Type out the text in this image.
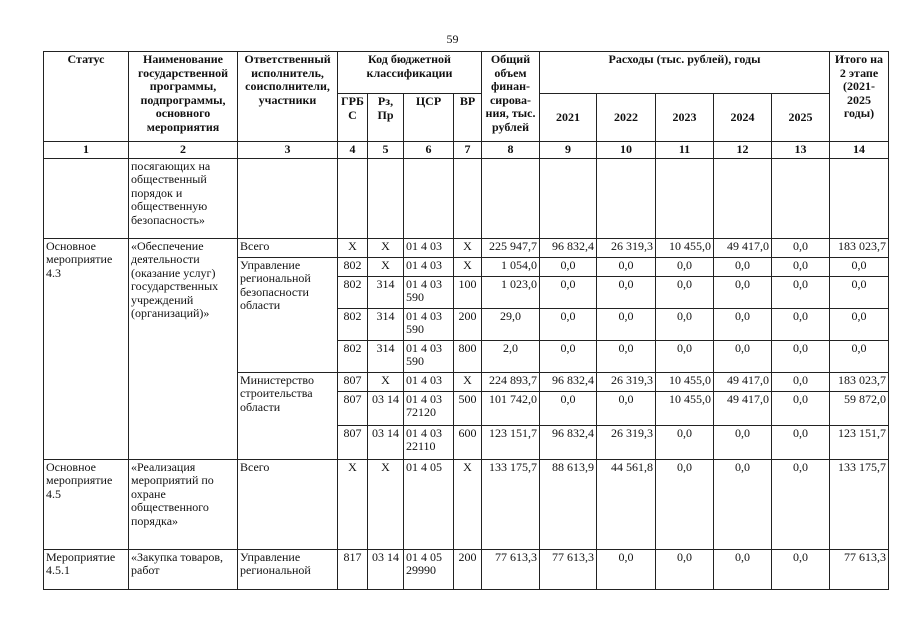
59
Статус	Наименование государственной программы, подпрограммы, основного мероприятия	Ответственный исполнитель, соисполнители, участники	Код бюджетной классификации				Общий объем финан- сирова- ния, тыс. рублей	Расходы (тыс. рублей), годы					Итого на 2 этапе (2021- 2025 годы)
			ГРБ С	Рз, Пр	ЦСР	ВР		2021	2022	2023	2024	2025	
1	2	3	4	5	6	7	8	9	10	11	12	13	14
	посягающих на общественный порядок и общественную безопасность»												
Основное мероприятие 4.3	«Обеспечение деятельности (оказание услуг) государственных учреждений (организаций)»	Всего	X	X	01 4 03	X	225 947,7	96 832,4	26 319,3	10 455,0	49 417,0	0,0	183 023,7
		Управление региональной безопасности области	802	X	01 4 03	X	1 054,0	0,0	0,0	0,0	0,0	0,0	0,0
			802	314	01 4 03 590	100	1 023,0	0,0	0,0	0,0	0,0	0,0	0,0
			802	314	01 4 03 590	200	29,0	0,0	0,0	0,0	0,0	0,0	0,0
			802	314	01 4 03 590	800	2,0	0,0	0,0	0,0	0,0	0,0	0,0
		Министерство строительства области	807	X	01 4 03	X	224 893,7	96 832,4	26 319,3	10 455,0	49 417,0	0,0	183 023,7
			807	03 14	01 4 03 72120	500	101 742,0	0,0	0,0	10 455,0	49 417,0	0,0	59 872,0
			807	03 14	01 4 03 22110	600	123 151,7	96 832,4	26 319,3	0,0	0,0	0,0	123 151,7
Основное мероприятие 4.5	«Реализация мероприятий по охране общественного порядка»	Всего	X	X	01 4 05	X	133 175,7	88 613,9	44 561,8	0,0	0,0	0,0	133 175,7
Мероприятие 4.5.1	«Закупка товаров, работ	Управление региональной	817	03 14	01 4 05 29990	200	77 613,3	77 613,3	0,0	0,0	0,0	0,0	77 613,3
